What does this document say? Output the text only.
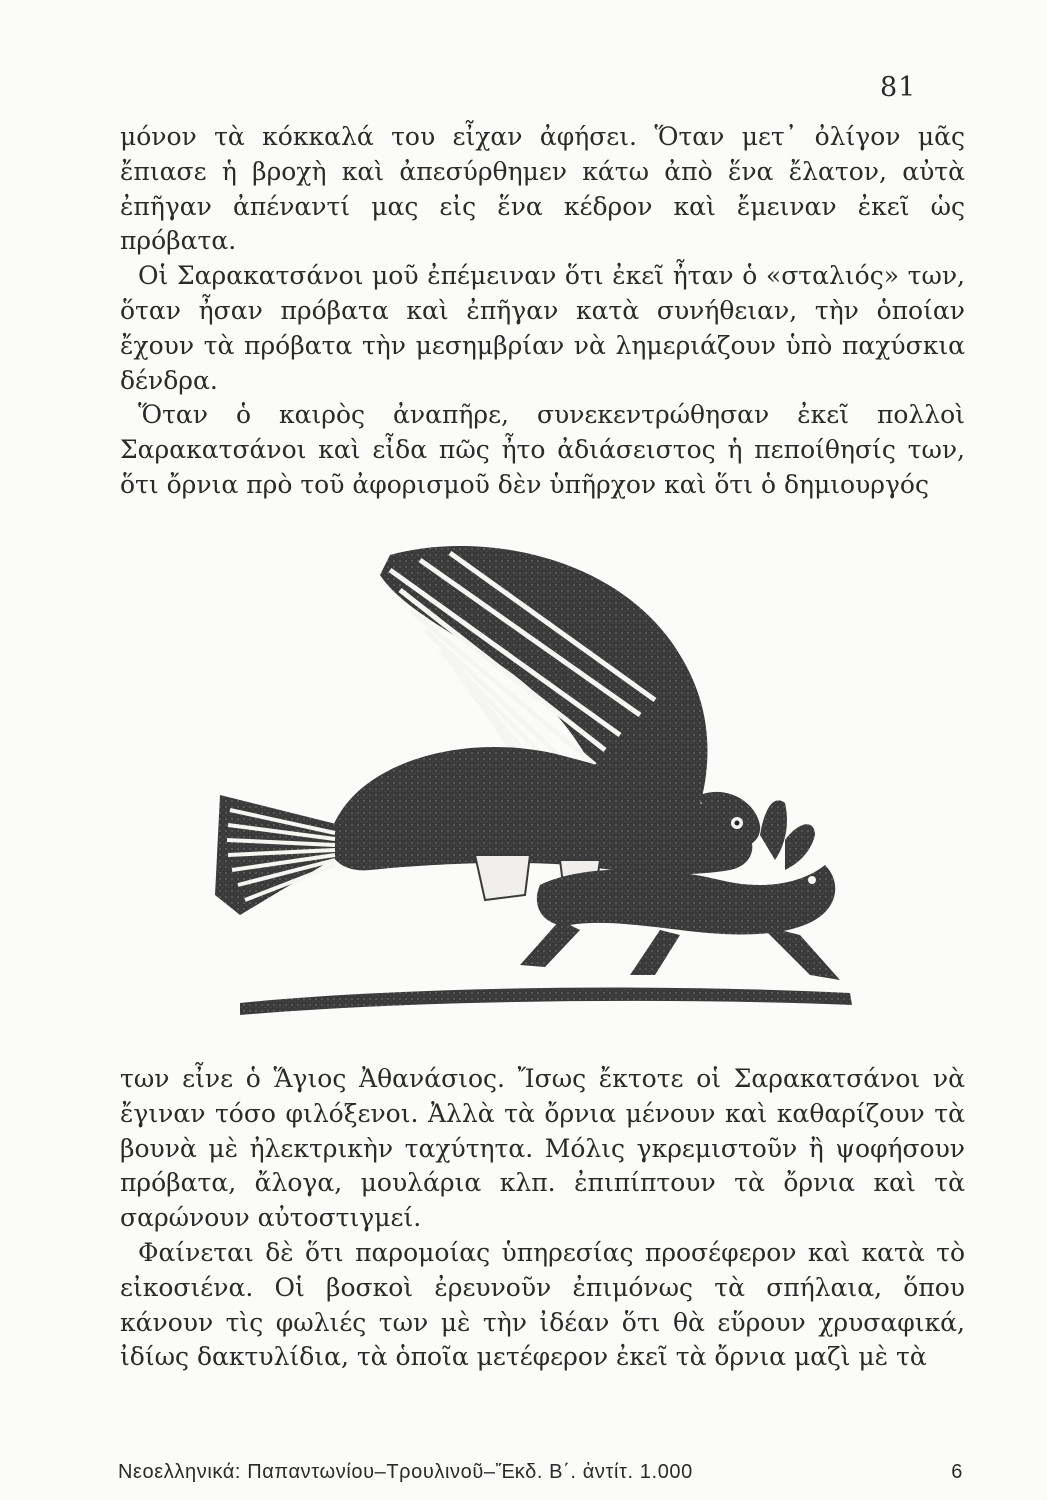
81

μόνον τὰ κόκκαλά του εἶχαν ἀφήσει. Ὅταν μετ᾽ ὀλίγον μᾶς ἔπιασε ἡ βροχὴ καὶ ἀπεσύρθημεν κάτω ἀπὸ ἕνα ἔλατον, αὐτὰ ἐπῆγαν ἀπέναντί μας εἰς ἕνα κέδρον καὶ ἔμειναν ἐκεῖ ὡς πρόβατα.

Οἱ Σαρακατσάνοι μοῦ ἐπέμειναν ὅτι ἐκεῖ ἦταν ὁ «σταλιός» των, ὅταν ἦσαν πρόβατα καὶ ἐπῆγαν κατὰ συνήθειαν, τὴν ὁποίαν ἔχουν τὰ πρόβατα τὴν μεσημβρίαν νὰ λημεριάζουν ὑπὸ παχύσκια δένδρα.

Ὅταν ὁ καιρὸς ἀναπῆρε, συνεκεντρώθησαν ἐκεῖ πολλοὶ Σαρακατσάνοι καὶ εἶδα πῶς ἦτο ἀδιάσειστος ἡ πεποίθησίς των, ὅτι ὄρνια πρὸ τοῦ ἀφορισμοῦ δὲν ὑπῆρχον καὶ ὅτι ὁ δημιουργός

των εἶνε ὁ Ἅγιος Ἀθανάσιος. Ἴσως ἔκτοτε οἱ Σαρακατσάνοι νὰ ἔγιναν τόσο φιλόξενοι. Ἀλλὰ τὰ ὄρνια μένουν καὶ καθαρίζουν τὰ βουνὰ μὲ ἠλεκτρικὴν ταχύτητα. Μόλις γκρεμιστοῦν ἢ ψοφήσουν πρόβατα, ἄλογα, μουλάρια κλπ. ἐπιπίπτουν τὰ ὄρνια καὶ τὰ σαρώνουν αὐτοστιγμεί.

Φαίνεται δὲ ὅτι παρομοίας ὑπηρεσίας προσέφερον καὶ κατὰ τὸ εἰκοσιένα. Οἱ βοσκοὶ ἐρευνοῦν ἐπιμόνως τὰ σπήλαια, ὅπου κάνουν τὶς φωλιές των μὲ τὴν ἰδέαν ὅτι θὰ εὕρουν χρυσαφικά, ἰδίως δακτυλίδια, τὰ ὁποῖα μετέφερον ἐκεῖ τὰ ὄρνια μαζὶ μὲ τὰ

Νεοελληνικά: Παπαντωνίου–Τρουλινοῦ–Ἔκδ. Β΄. ἀντίτ. 1.000	6
